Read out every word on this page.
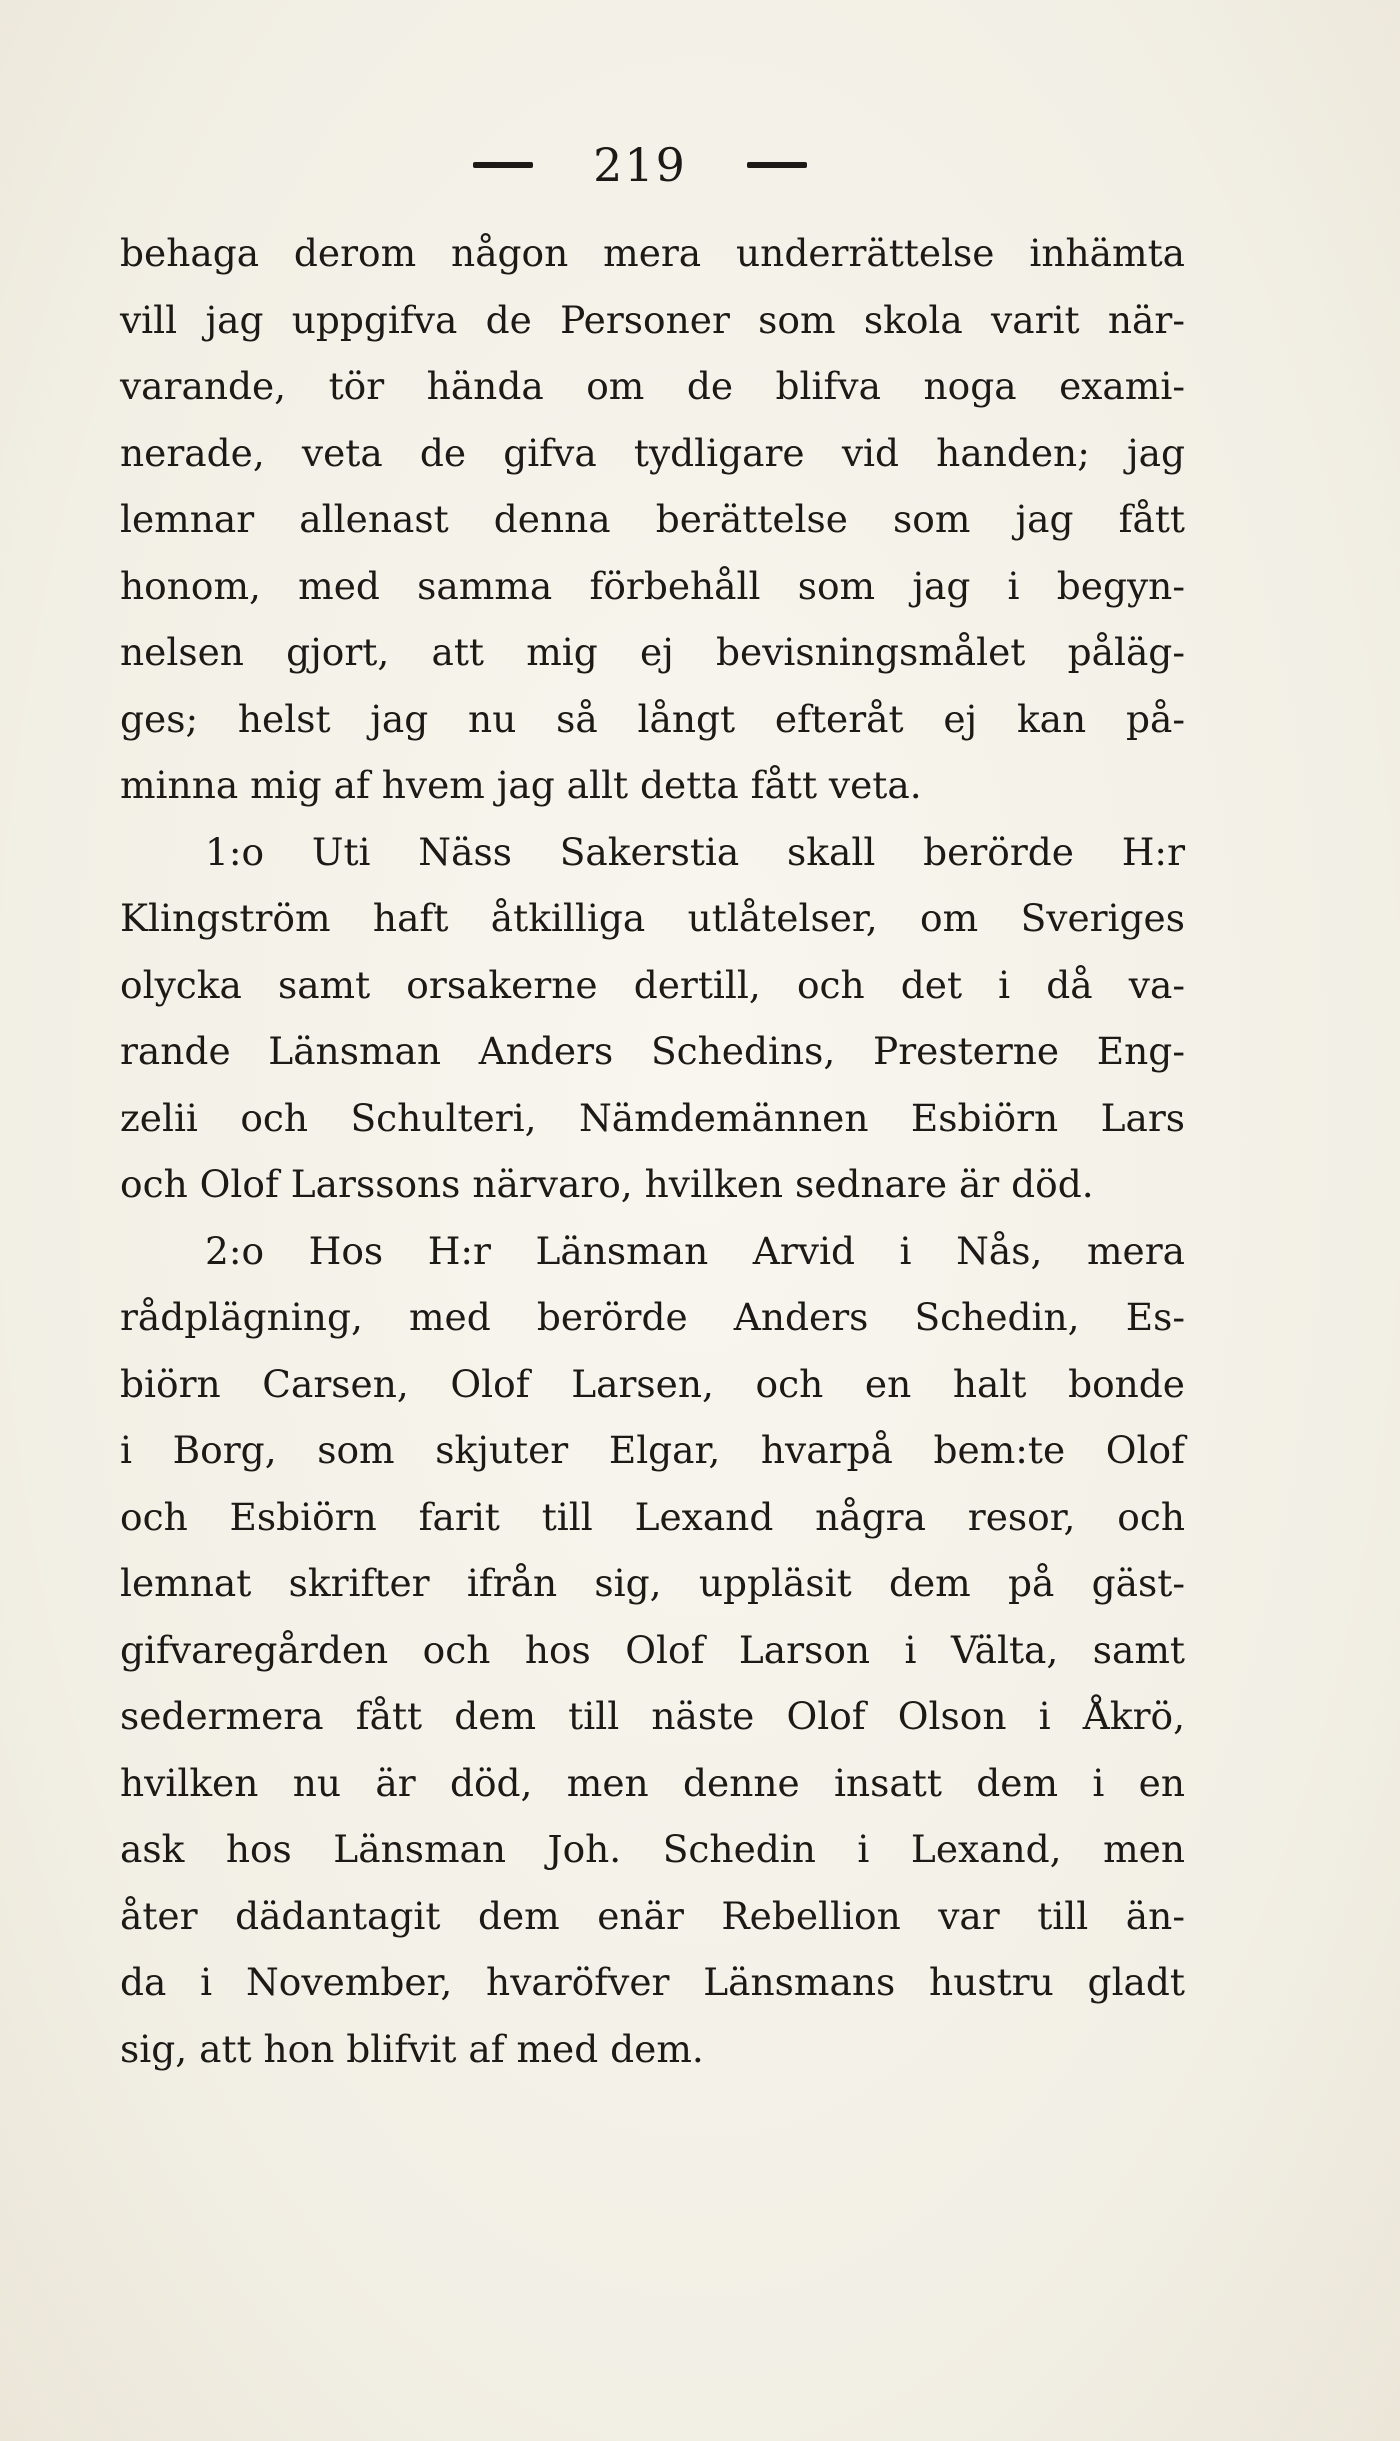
219
behaga derom någon mera underrättelse inhämta
vill jag uppgifva de Personer som skola varit när-
varande, tör hända om de blifva noga exami-
nerade, veta de gifva tydligare vid handen; jag
lemnar allenast denna berättelse som jag fått
honom, med samma förbehåll som jag i begyn-
nelsen gjort, att mig ej bevisningsmålet påläg-
ges; helst jag nu så långt efteråt ej kan på-
minna mig af hvem jag allt detta fått veta.
1:o Uti Näss Sakerstia skall berörde H:r
Klingström haft åtkilliga utlåtelser, om Sveriges
olycka samt orsakerne dertill, och det i då va-
rande Länsman Anders Schedins, Presterne Eng-
zelii och Schulteri, Nämdemännen Esbiörn Lars
och Olof Larssons närvaro, hvilken sednare är död.
2:o Hos H:r Länsman Arvid i Nås, mera
rådplägning, med berörde Anders Schedin, Es-
biörn Carsen, Olof Larsen, och en halt bonde
i Borg, som skjuter Elgar, hvarpå bem:te Olof
och Esbiörn farit till Lexand några resor, och
lemnat skrifter ifrån sig, uppläsit dem på gäst-
gifvaregården och hos Olof Larson i Välta, samt
sedermera fått dem till näste Olof Olson i Åkrö,
hvilken nu är död, men denne insatt dem i en
ask hos Länsman Joh. Schedin i Lexand, men
åter dädantagit dem enär Rebellion var till än-
da i November, hvaröfver Länsmans hustru gladt
sig, att hon blifvit af med dem.
